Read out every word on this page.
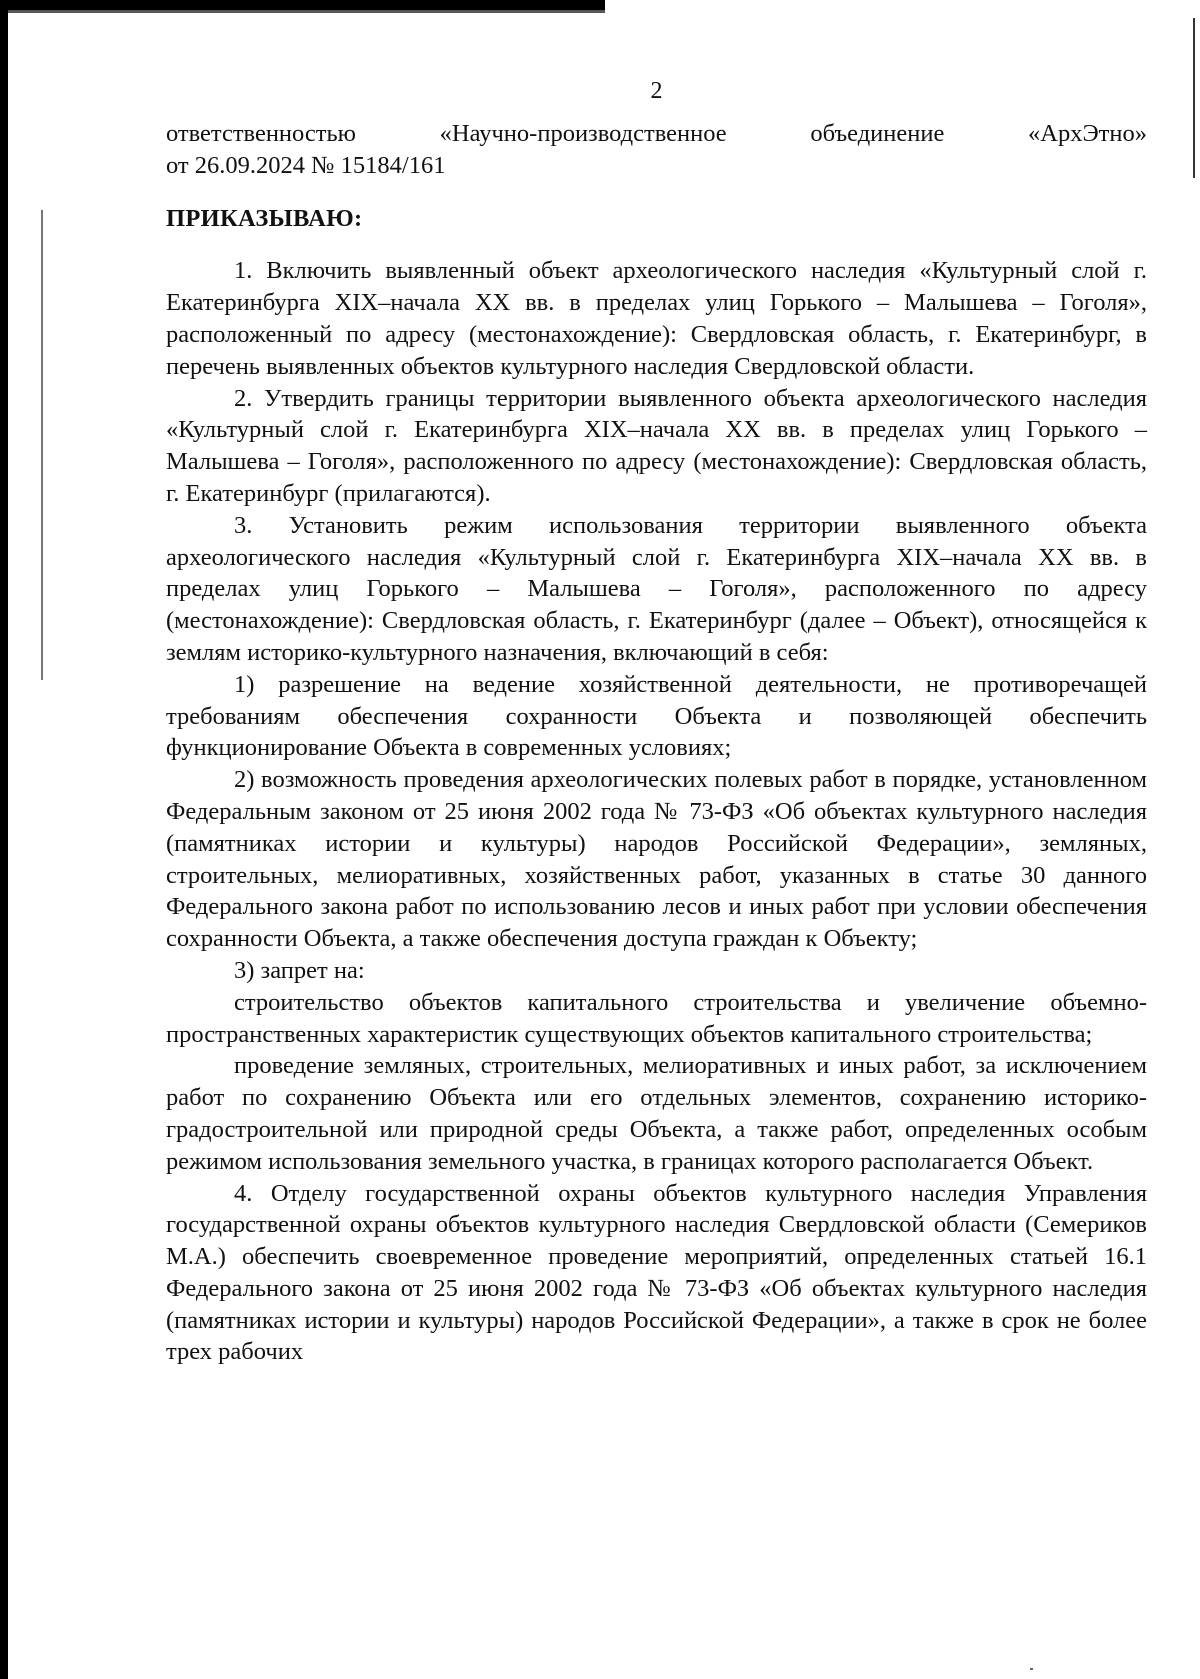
2

ответственностью «Научно-производственное объединение «АрхЭтно»

от 26.09.2024 № 15184/161

ПРИКАЗЫВАЮ:

1. Включить выявленный объект археологического наследия «Культурный слой г. Екатеринбурга XIX–начала XX вв. в пределах улиц Горького – Малышева – Гоголя», расположенный по адресу (местонахождение): Свердловская область, г. Екатеринбург, в перечень выявленных объектов культурного наследия Свердловской области.

2. Утвердить границы территории выявленного объекта археологического наследия «Культурный слой г. Екатеринбурга XIX–начала XX вв. в пределах улиц Горького – Малышева – Гоголя», расположенного по адресу (местонахождение): Свердловская область, г. Екатеринбург (прилагаются).

3. Установить режим использования территории выявленного объекта археологического наследия «Культурный слой г. Екатеринбурга XIX–начала XX вв. в пределах улиц Горького – Малышева – Гоголя», расположенного по адресу (местонахождение): Свердловская область, г. Екатеринбург (далее – Объект), относящейся к землям историко-культурного назначения, включающий в себя:

1) разрешение на ведение хозяйственной деятельности, не противоречащей требованиям обеспечения сохранности Объекта и позволяющей обеспечить функционирование Объекта в современных условиях;

2) возможность проведения археологических полевых работ в порядке, установленном Федеральным законом от 25 июня 2002 года № 73-ФЗ «Об объектах культурного наследия (памятниках истории и культуры) народов Российской Федерации», земляных, строительных, мелиоративных, хозяйственных работ, указанных в статье 30 данного Федерального закона работ по использованию лесов и иных работ при условии обеспечения сохранности Объекта, а также обеспечения доступа граждан к Объекту;

3) запрет на:

строительство объектов капитального строительства и увеличение объемно-пространственных характеристик существующих объектов капитального строительства;

проведение земляных, строительных, мелиоративных и иных работ, за исключением работ по сохранению Объекта или его отдельных элементов, сохранению историко-градостроительной или природной среды Объекта, а также работ, определенных особым режимом использования земельного участка, в границах которого располагается Объект.

4. Отделу государственной охраны объектов культурного наследия Управления государственной охраны объектов культурного наследия Свердловской области (Семериков М.А.) обеспечить своевременное проведение мероприятий, определенных статьей 16.1 Федерального закона от 25 июня 2002 года № 73-ФЗ «Об объектах культурного наследия (памятниках истории и культуры) народов Российской Федерации», а также в срок не более трех рабочих
